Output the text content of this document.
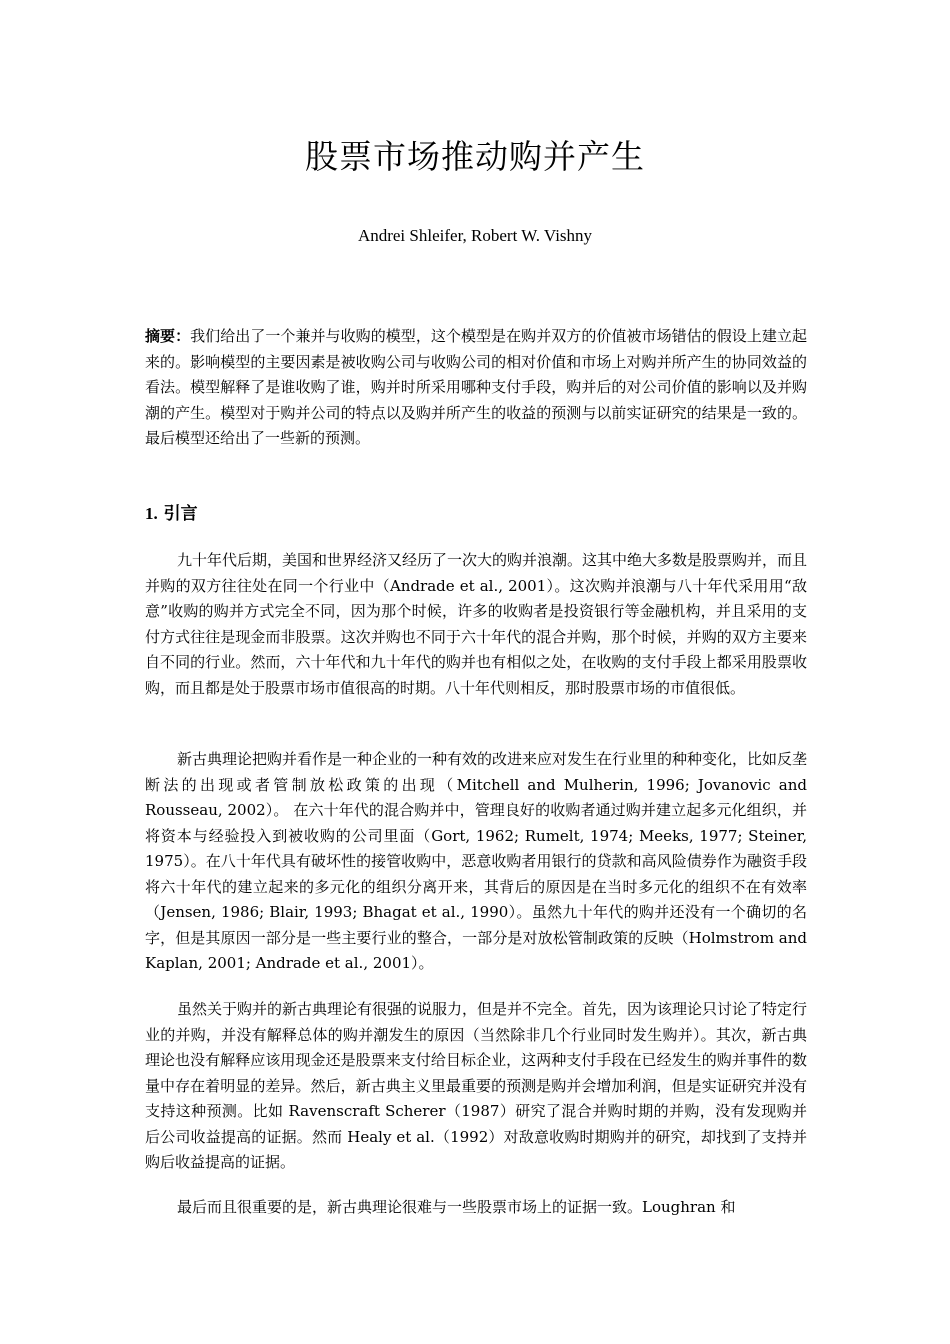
股票市场推动购并产生

Andrei Shleifer, Robert W. Vishny

摘要：我们给出了一个兼并与收购的模型，这个模型是在购并双方的价值被市场错估的假设上建立起来的。影响模型的主要因素是被收购公司与收购公司的相对价值和市场上对购并所产生的协同效益的看法。模型解释了是谁收购了谁，购并时所采用哪种支付手段，购并后的对公司价值的影响以及并购潮的产生。模型对于购并公司的特点以及购并所产生的收益的预测与以前实证研究的结果是一致的。最后模型还给出了一些新的预测。

1. 引言

九十年代后期，美国和世界经济又经历了一次大的购并浪潮。这其中绝大多数是股票购并，而且并购的双方往往处在同一个行业中（Andrade et al., 2001）。这次购并浪潮与八十年代采用用“敌意”收购的购并方式完全不同，因为那个时候，许多的收购者是投资银行等金融机构，并且采用的支付方式往往是现金而非股票。这次并购也不同于六十年代的混合并购，那个时候，并购的双方主要来自不同的行业。然而，六十年代和九十年代的购并也有相似之处，在收购的支付手段上都采用股票收购，而且都是处于股票市场市值很高的时期。八十年代则相反，那时股票市场的市值很低。

新古典理论把购并看作是一种企业的一种有效的改进来应对发生在行业里的种种变化，比如反垄断法的出现或者管制放松政策的出现（Mitchell and Mulherin, 1996; Jovanovic and Rousseau, 2002）。 在六十年代的混合购并中，管理良好的收购者通过购并建立起多元化组织，并将资本与经验投入到被收购的公司里面（Gort, 1962; Rumelt, 1974; Meeks, 1977; Steiner, 1975）。在八十年代具有破坏性的接管收购中，恶意收购者用银行的贷款和高风险债券作为融资手段将六十年代的建立起来的多元化的组织分离开来，其背后的原因是在当时多元化的组织不在有效率（Jensen, 1986; Blair, 1993; Bhagat et al., 1990）。虽然九十年代的购并还没有一个确切的名字，但是其原因一部分是一些主要行业的整合，一部分是对放松管制政策的反映（Holmstrom and Kaplan, 2001; Andrade et al., 2001）。

虽然关于购并的新古典理论有很强的说服力，但是并不完全。首先，因为该理论只讨论了特定行业的并购，并没有解释总体的购并潮发生的原因（当然除非几个行业同时发生购并）。其次，新古典理论也没有解释应该用现金还是股票来支付给目标企业，这两种支付手段在已经发生的购并事件的数量中存在着明显的差异。然后，新古典主义里最重要的预测是购并会增加利润，但是实证研究并没有支持这种预测。比如 Ravenscraft Scherer（1987）研究了混合并购时期的并购，没有发现购并后公司收益提高的证据。然而 Healy et al.（1992）对敌意收购时期购并的研究，却找到了支持并购后收益提高的证据。

最后而且很重要的是，新古典理论很难与一些股票市场上的证据一致。Loughran 和
